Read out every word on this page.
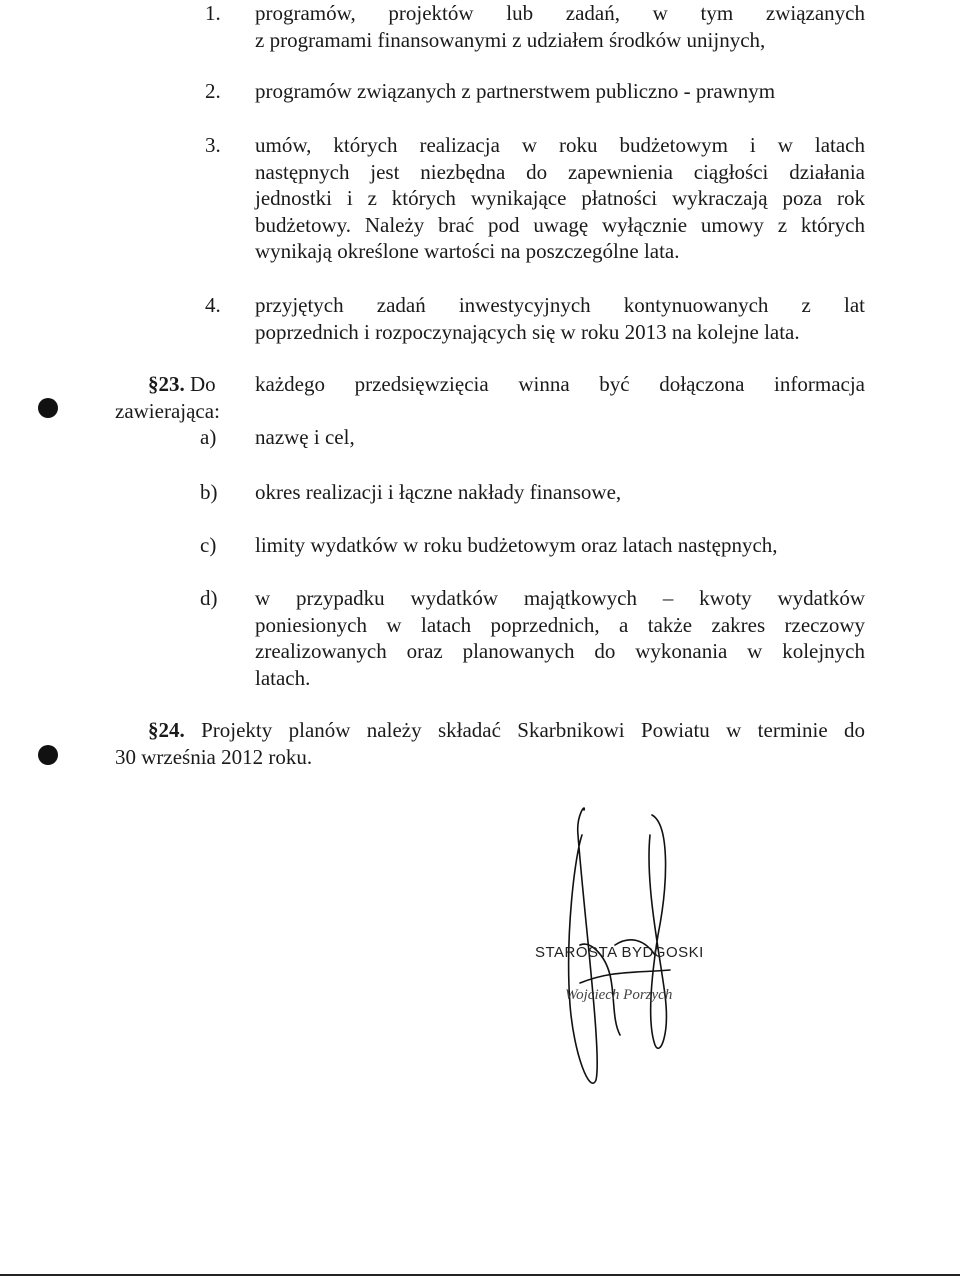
1.	programów, projektów lub zadań, w tym związanych
z programami finansowanymi z udziałem środków unijnych,
2.	programów związanych z partnerstwem publiczno - prawnym
3.	umów, których realizacja w roku budżetowym i w latach
następnych jest niezbędna do zapewnienia ciągłości działania
jednostki i z których wynikające płatności wykraczają poza rok
budżetowy. Należy brać pod uwagę wyłącznie umowy z których
wynikają określone wartości na poszczególne lata.
4.	przyjętych zadań inwestycyjnych kontynuowanych z lat
poprzednich i rozpoczynających się w roku 2013 na kolejne lata.
§23. Do	każdego przedsięwzięcia winna być dołączona informacja
zawierająca:
a)	nazwę i cel,
b)	okres realizacji i łączne nakłady finansowe,
c)	limity wydatków w roku budżetowym oraz latach następnych,
d)	w przypadku wydatków majątkowych – kwoty wydatków
poniesionych w latach poprzednich, a także zakres rzeczowy
zrealizowanych oraz planowanych do wykonania w kolejnych
latach.
§24. Projekty planów należy składać Skarbnikowi Powiatu w terminie do
30 września 2012 roku.
STAROSTA BYDGOSKI
Wojciech Porzych
